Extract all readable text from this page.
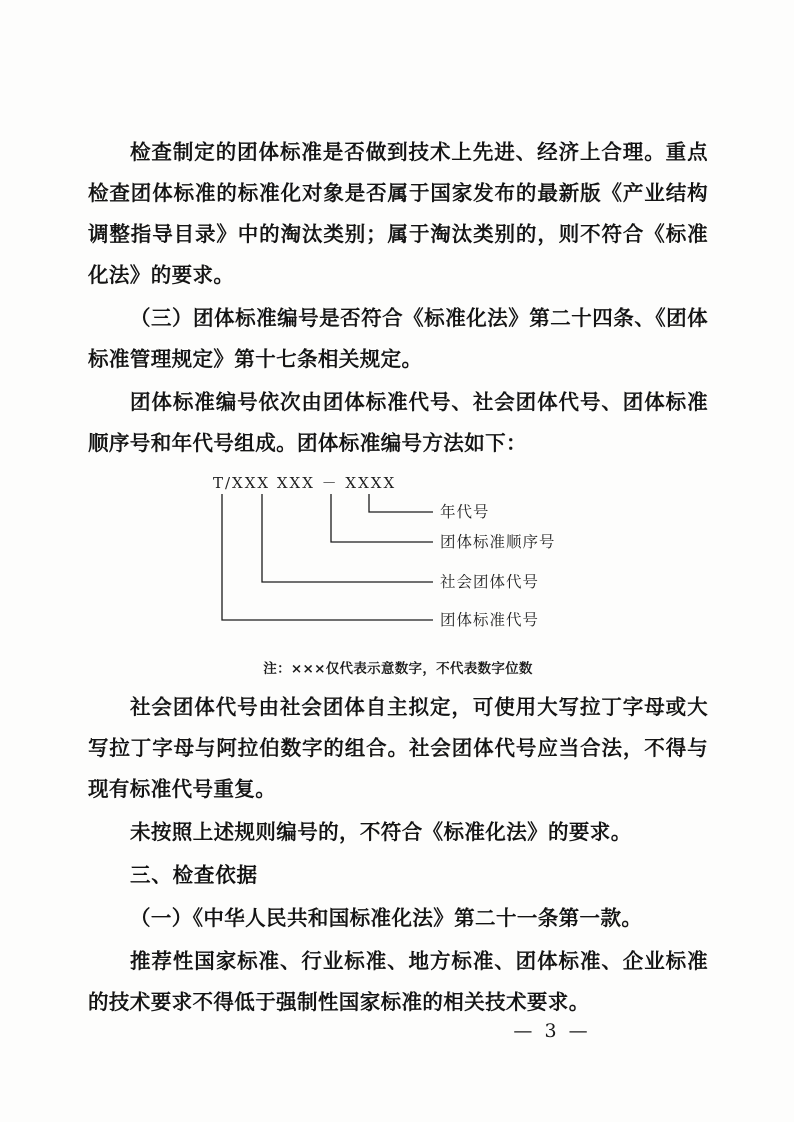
检查制定的团体标准是否做到技术上先进、经济上合理。重点检查团体标准的标准化对象是否属于国家发布的最新版《产业结构调整指导目录》中的淘汰类别；属于淘汰类别的，则不符合《标准化法》的要求。

（三）团体标准编号是否符合《标准化法》第二十四条、《团体标准管理规定》第十七条相关规定。

团体标准编号依次由团体标准代号、社会团体代号、团体标准顺序号和年代号组成。团体标准编号方法如下：

T/XXX XXX － XXXX
年代号
团体标准顺序号
社会团体代号
团体标准代号
注：×××仅代表示意数字，不代表数字位数

社会团体代号由社会团体自主拟定，可使用大写拉丁字母或大写拉丁字母与阿拉伯数字的组合。社会团体代号应当合法，不得与现有标准代号重复。

未按照上述规则编号的，不符合《标准化法》的要求。

三、检查依据

（一）《中华人民共和国标准化法》第二十一条第一款。

推荐性国家标准、行业标准、地方标准、团体标准、企业标准的技术要求不得低于强制性国家标准的相关技术要求。

— 3 —
